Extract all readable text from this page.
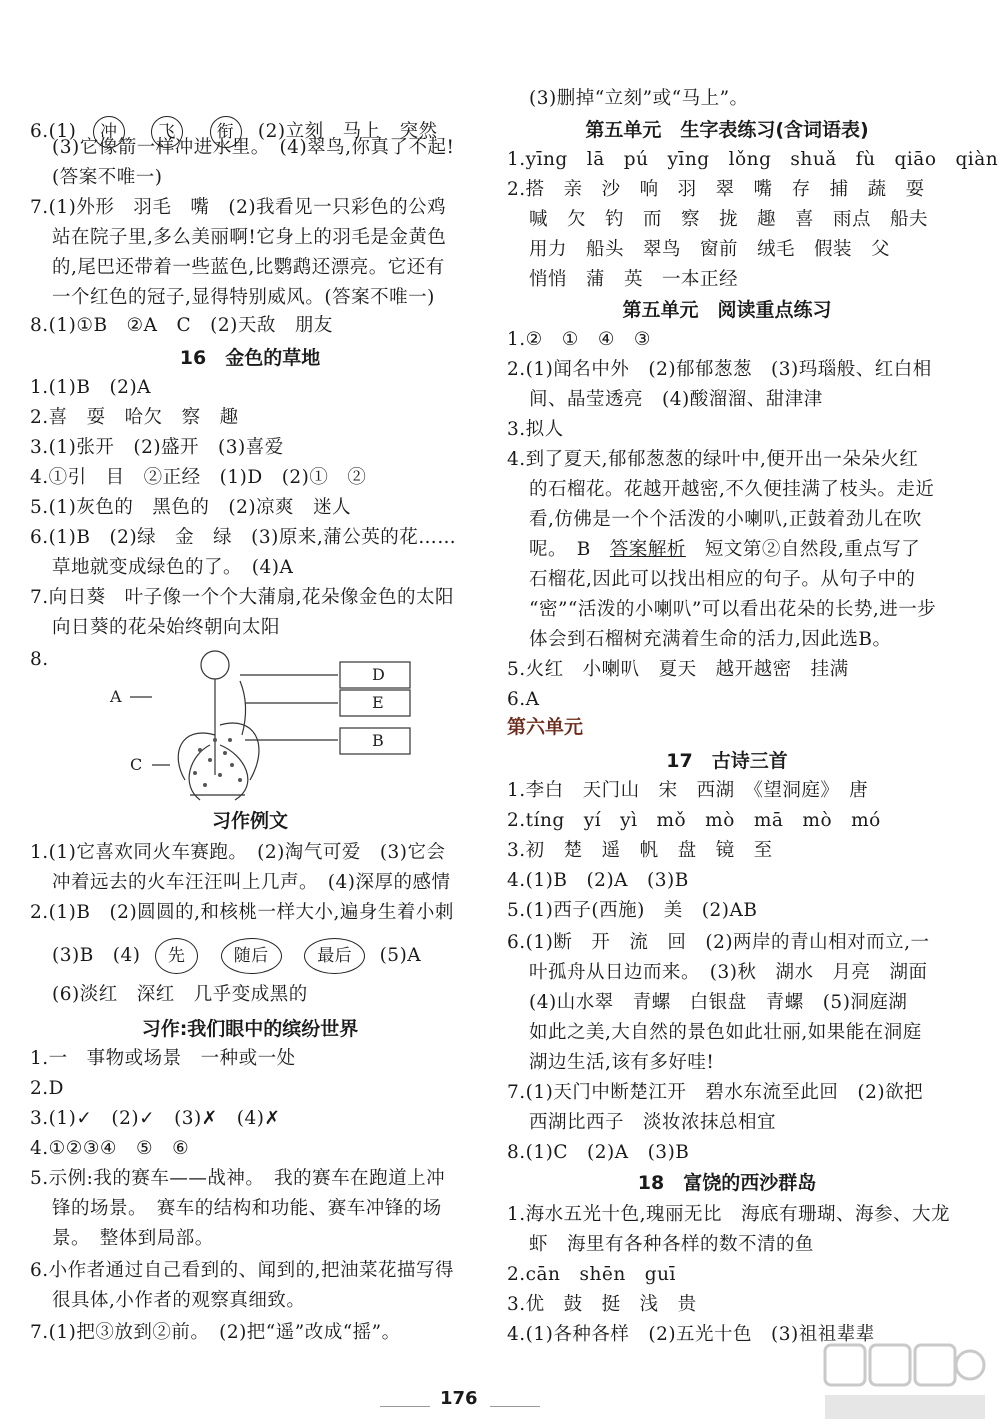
6.(1) 冲 飞 衔 (2)立刻　马上　突然
(3)它像箭一样冲进水里。　(4)翠鸟,你真了不起!
(答案不唯一)
7.(1)外形　羽毛　嘴　(2)我看见一只彩色的公鸡
站在院子里,多么美丽啊!它身上的羽毛是金黄色
的,尾巴还带着一些蓝色,比鹦鹉还漂亮。它还有
一个红色的冠子,显得特别威风。(答案不唯一)
8.(1)①B　②A　C　(2)天敌　朋友
16　金色的草地
1.(1)B　(2)A
2.喜　耍　哈欠　察　趣
3.(1)张开　(2)盛开　(3)喜爱
4.①引　目　②正经　(1)D　(2)①　②
5.(1)灰色的　黑色的　(2)凉爽　迷人
6.(1)B　(2)绿　金　绿　(3)原来,蒲公英的花……
草地就变成绿色的了。　(4)A
7.向日葵　叶子像一个个大蒲扇,花朵像金色的太阳
向日葵的花朵始终朝向太阳
8.
A
C
D
E
B
习作例文
1.(1)它喜欢同火车赛跑。　(2)淘气可爱　(3)它会
冲着远去的火车汪汪叫上几声。　(4)深厚的感情
2.(1)B　(2)圆圆的,和核桃一样大小,遍身生着小刺
(3)B　(4) 先	随后	最后 (5)A
(6)淡红　深红　几乎变成黑的
习作:我们眼中的缤纷世界
1.一　事物或场景　一种或一处
2.D
3.(1)✓　(2)✓　(3)✗　(4)✗
4.①②③④　⑤　⑥
5.示例:我的赛车——战神。　我的赛车在跑道上冲
锋的场景。　赛车的结构和功能、赛车冲锋的场
景。　整体到局部。
6.小作者通过自己看到的、闻到的,把油菜花描写得
很具体,小作者的观察真细致。
7.(1)把③放到②前。　(2)把“遥”改成“摇”。
(3)删掉“立刻”或“马上”。
第五单元　生字表练习(含词语表)
1.yīng　lā　pú　yīng　lǒng　shuǎ　fù　qiāo　qiàn
2.搭　亲　沙　响　羽　翠　嘴　存　捕　蔬　耍
喊　欠　钓　而　察　拢　趣　喜　雨点　船夫
用力　船头　翠鸟　窗前　绒毛　假装　父
悄悄　蒲　英　一本正经
第五单元　阅读重点练习
1.②　①　④　③
2.(1)闻名中外　(2)郁郁葱葱　(3)玛瑙般、红白相
间、晶莹透亮　(4)酸溜溜、甜津津
3.拟人
4.到了夏天,郁郁葱葱的绿叶中,便开出一朵朵火红
的石榴花。花越开越密,不久便挂满了枝头。走近
看,仿佛是一个个活泼的小喇叭,正鼓着劲儿在吹
呢。　B　答案解析　短文第②自然段,重点写了
石榴花,因此可以找出相应的句子。从句子中的
“密”“活泼的小喇叭”可以看出花朵的长势,进一步
体会到石榴树充满着生命的活力,因此选B。
5.火红　小喇叭　夏天　越开越密　挂满
6.A
第六单元
17　古诗三首
1.李白　天门山　宋　西湖　《望洞庭》　唐
2.tíng　yí　yì　mǒ　mò　mā　mò　mó
3.初　楚　遥　帆　盘　镜　至
4.(1)B　(2)A　(3)B
5.(1)西子(西施)　美　(2)AB
6.(1)断　开　流　回　(2)两岸的青山相对而立,一
叶孤舟从日边而来。　(3)秋　湖水　月亮　湖面
(4)山水翠　青螺　白银盘　青螺　(5)洞庭湖
如此之美,大自然的景色如此壮丽,如果能在洞庭
湖边生活,该有多好哇!
7.(1)天门中断楚江开　碧水东流至此回　(2)欲把
西湖比西子　淡妆浓抹总相宜
8.(1)C　(2)A　(3)B
18　富饶的西沙群岛
1.海水五光十色,瑰丽无比　海底有珊瑚、海参、大龙
虾　海里有各种各样的数不清的鱼
2.cān　shēn　guī
3.优　鼓　挺　浅　贵
4.(1)各种各样　(2)五光十色　(3)祖祖辈辈
176
